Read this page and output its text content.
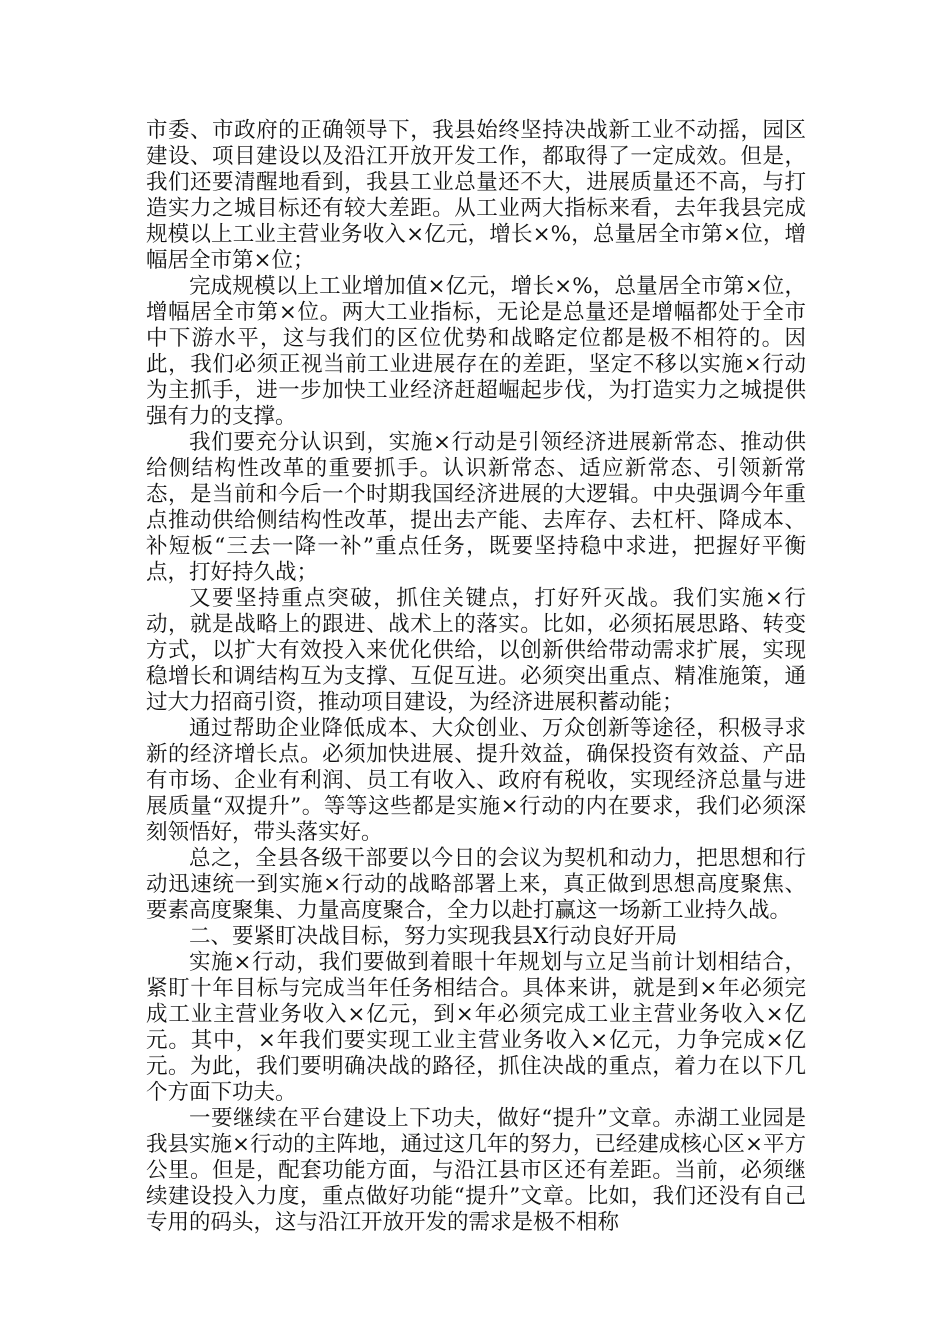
市委、市政府的正确领导下，我县始终坚持决战新工业不动摇，园区建设、项目建设以及沿江开放开发工作，都取得了一定成效。但是，我们还要清醒地看到，我县工业总量还不大，进展质量还不高，与打造实力之城目标还有较大差距。从工业两大指标来看，去年我县完成规模以上工业主营业务收入×亿元，增长×%，总量居全市第×位，增幅居全市第×位；

完成规模以上工业增加值×亿元，增长×%，总量居全市第×位，增幅居全市第×位。两大工业指标，无论是总量还是增幅都处于全市中下游水平，这与我们的区位优势和战略定位都是极不相符的。因此，我们必须正视当前工业进展存在的差距，坚定不移以实施×行动为主抓手，进一步加快工业经济赶超崛起步伐，为打造实力之城提供强有力的支撑。

我们要充分认识到，实施×行动是引领经济进展新常态、推动供给侧结构性改革的重要抓手。认识新常态、适应新常态、引领新常态，是当前和今后一个时期我国经济进展的大逻辑。中央强调今年重点推动供给侧结构性改革，提出去产能、去库存、去杠杆、降成本、补短板“三去一降一补”重点任务，既要坚持稳中求进，把握好平衡点，打好持久战；

又要坚持重点突破，抓住关键点，打好歼灭战。我们实施×行动，就是战略上的跟进、战术上的落实。比如，必须拓展思路、转变方式，以扩大有效投入来优化供给，以创新供给带动需求扩展，实现稳增长和调结构互为支撑、互促互进。必须突出重点、精准施策，通过大力招商引资，推动项目建设，为经济进展积蓄动能；

通过帮助企业降低成本、大众创业、万众创新等途径，积极寻求新的经济增长点。必须加快进展、提升效益，确保投资有效益、产品有市场、企业有利润、员工有收入、政府有税收，实现经济总量与进展质量“双提升”。等等这些都是实施×行动的内在要求，我们必须深刻领悟好，带头落实好。

总之，全县各级干部要以今日的会议为契机和动力，把思想和行动迅速统一到实施×行动的战略部署上来，真正做到思想高度聚焦、要素高度聚集、力量高度聚合，全力以赴打赢这一场新工业持久战。

二、要紧盯决战目标，努力实现我县X行动良好开局

实施×行动，我们要做到着眼十年规划与立足当前计划相结合，紧盯十年目标与完成当年任务相结合。具体来讲，就是到×年必须完成工业主营业务收入×亿元，到×年必须完成工业主营业务收入×亿元。其中，×年我们要实现工业主营业务收入×亿元，力争完成×亿元。为此，我们要明确决战的路径，抓住决战的重点，着力在以下几个方面下功夫。

一要继续在平台建设上下功夫，做好“提升”文章。赤湖工业园是我县实施×行动的主阵地，通过这几年的努力，已经建成核心区×平方公里。但是，配套功能方面，与沿江县市区还有差距。当前，必须继续建设投入力度，重点做好功能“提升”文章。比如，我们还没有自己专用的码头，这与沿江开放开发的需求是极不相称
